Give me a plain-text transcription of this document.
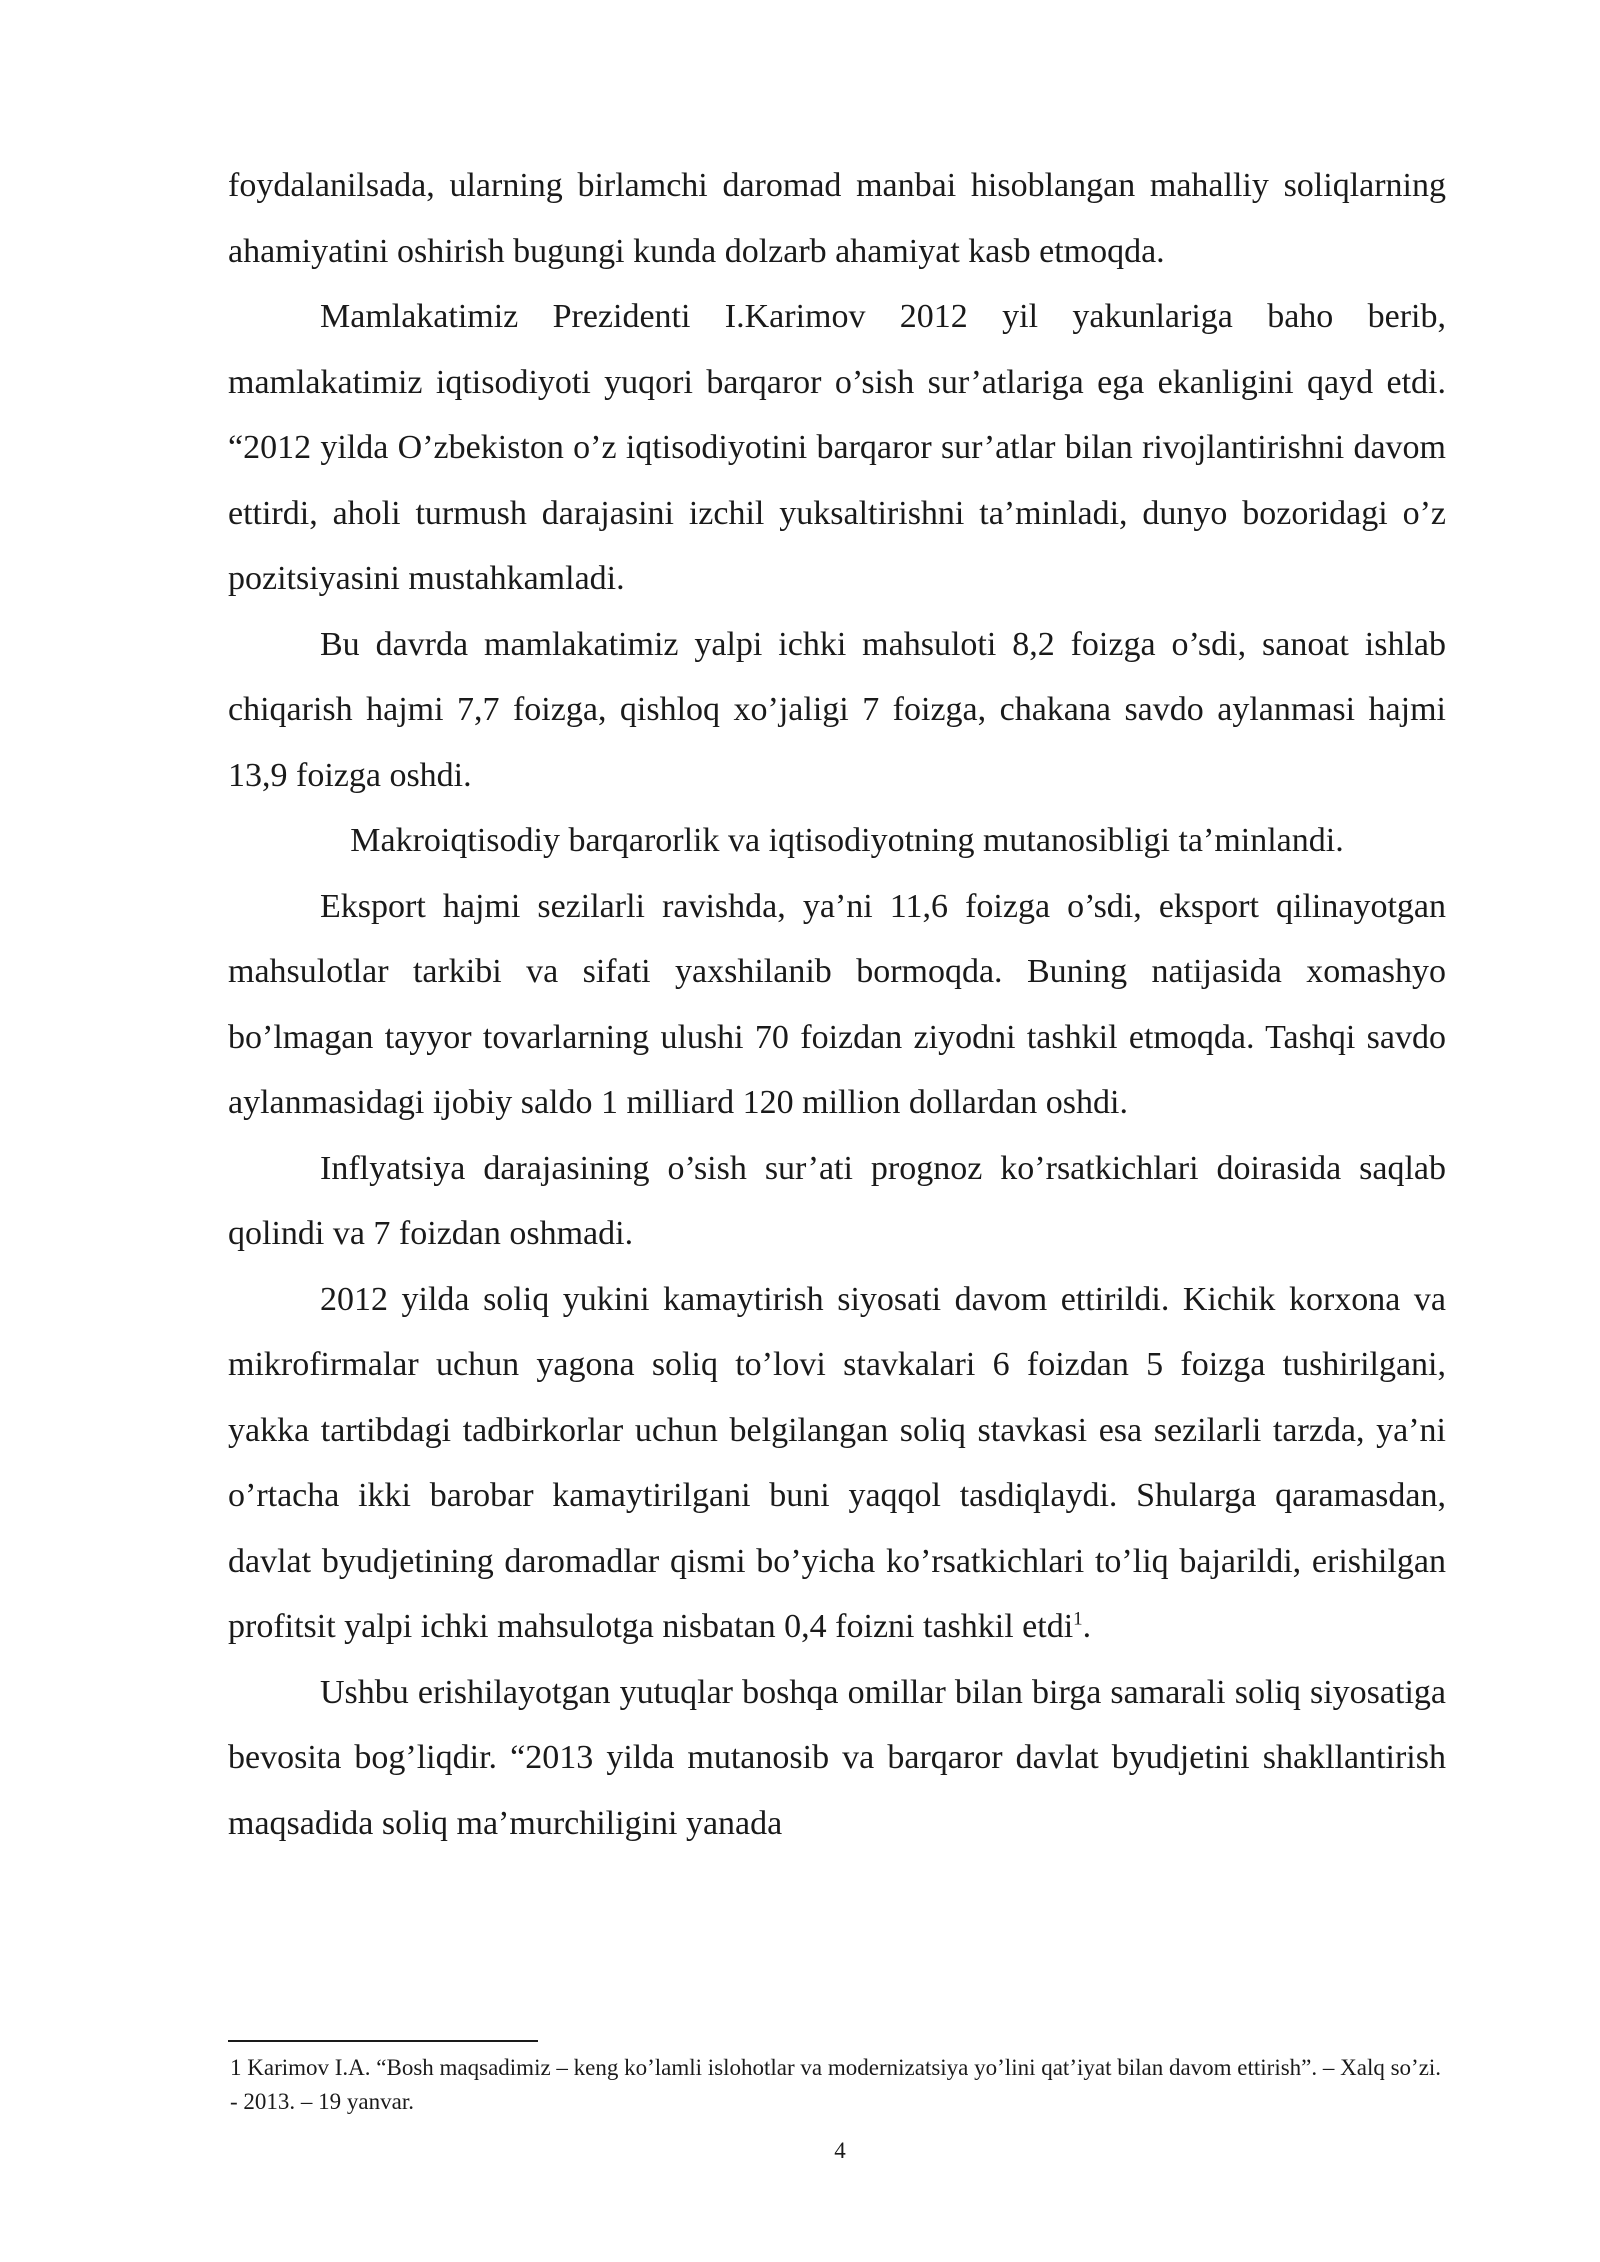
foydalanilsada, ularning birlamchi daromad manbai hisoblangan mahalliy soliqlarning ahamiyatini oshirish bugungi kunda dolzarb ahamiyat kasb etmoqda.

Mamlakatimiz Prezidenti I.Karimov 2012 yil yakunlariga baho berib, mamlakatimiz iqtisodiyoti yuqori barqaror o’sish sur’atlariga ega ekanligini qayd etdi. “2012 yilda O’zbekiston o’z iqtisodiyotini barqaror sur’atlar bilan rivojlantirishni davom ettirdi, aholi turmush darajasini izchil yuksaltirishni ta’minladi, dunyo bozoridagi o’z pozitsiyasini mustahkamladi.

Bu davrda mamlakatimiz yalpi ichki mahsuloti 8,2 foizga o’sdi, sanoat ishlab chiqarish hajmi 7,7 foizga, qishloq xo’jaligi 7 foizga, chakana savdo aylanmasi hajmi 13,9 foizga oshdi.

Makroiqtisodiy barqarorlik va iqtisodiyotning mutanosibligi ta’minlandi.

Eksport hajmi sezilarli ravishda, ya’ni 11,6 foizga o’sdi, eksport qilinayotgan mahsulotlar tarkibi va sifati yaxshilanib bormoqda. Buning natijasida xomashyo bo’lmagan tayyor tovarlarning ulushi 70 foizdan ziyodni tashkil etmoqda. Tashqi savdo aylanmasidagi ijobiy saldo 1 milliard 120 million dollardan oshdi.

Inflyatsiya darajasining o’sish sur’ati prognoz ko’rsatkichlari doirasida saqlab qolindi va 7 foizdan oshmadi.

2012 yilda soliq yukini kamaytirish siyosati davom ettirildi. Kichik korxona va mikrofirmalar uchun yagona soliq to’lovi stavkalari 6 foizdan 5 foizga tushirilgani, yakka tartibdagi tadbirkorlar uchun belgilangan soliq stavkasi esa sezilarli tarzda, ya’ni o’rtacha ikki barobar kamaytirilgani buni yaqqol tasdiqlaydi. Shularga qaramasdan, davlat byudjetining daromadlar qismi bo’yicha ko’rsatkichlari to’liq bajarildi, erishilgan profitsit yalpi ichki mahsulotga nisbatan 0,4 foizni tashkil etdi$^1$.

Ushbu erishilayotgan yutuqlar boshqa omillar bilan birga samarali soliq siyosatiga bevosita bog’liqdir. “2013 yilda mutanosib va barqaror davlat byudjetini shakllantirish maqsadida soliq ma’murchiligini yanada

1 Karimov I.A. “Bosh maqsadimiz – keng ko’lamli islohotlar va modernizatsiya yo’lini qat’iyat bilan davom ettirish”. – Xalq so’zi. - 2013. – 19 yanvar.

4
